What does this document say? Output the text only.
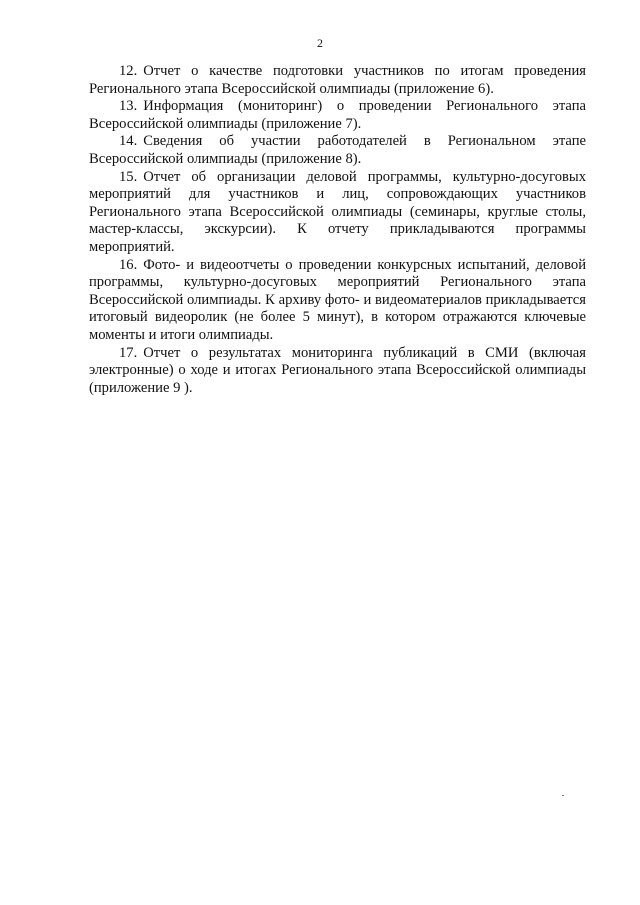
2

12. Отчет о качестве подготовки участников по итогам проведения Регионального этапа Всероссийской олимпиады (приложение 6).

13. Информация (мониторинг) о проведении Регионального этапа Всероссийской олимпиады (приложение 7).

14. Сведения об участии работодателей в Региональном этапе Всероссийской олимпиады (приложение 8).

15. Отчет об организации деловой программы, культурно-досуговых мероприятий для участников и лиц, сопровождающих участников Регионального этапа Всероссийской олимпиады (семинары, круглые столы, мастер-классы, экскурсии). К отчету прикладываются программы мероприятий.

16. Фото- и видеоотчеты о проведении конкурсных испытаний, деловой программы, культурно-досуговых мероприятий Регионального этапа Всероссийской олимпиады. К архиву фото- и видеоматериалов прикладывается итоговый видеоролик (не более 5 минут), в котором отражаются ключевые моменты и итоги олимпиады.

17. Отчет о результатах мониторинга публикаций в СМИ (включая электронные) о ходе и итогах Регионального этапа Всероссийской олимпиады (приложение 9 ).
